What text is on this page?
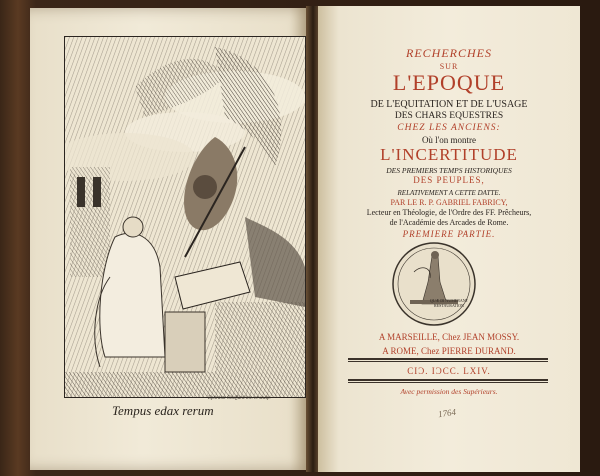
Tempus edax rerum
Ephraim Choffard inv. et sculp.
RECHERCHES
SUR
L'EPOQUE
DE L'EQUITATION ET DE L'USAGE
DES CHARS EQUESTRES
CHEZ LES ANCIENS:
Où l'on montre
L'INCERTITUDE
DES PREMIERS TEMPS HISTORIQUES
DES PEUPLES,
RELATIVEMENT A CETTE DATTE.
PAR LE R. P. GABRIEL FABRICY,
Lecteur en Théologie, de l'Ordre des FF. Prêcheurs,
de l'Académie des Arcades de Rome.
PREMIERE PARTIE.
QUÆ DI NUMERANT
RESTAURATION
A MARSEILLE, Chez JEAN MOSSY.
A ROME, Chez PIERRE DURAND.
CIƆ. IƆCC. LXIV.
Avec permission des Supérieurs.
1764
